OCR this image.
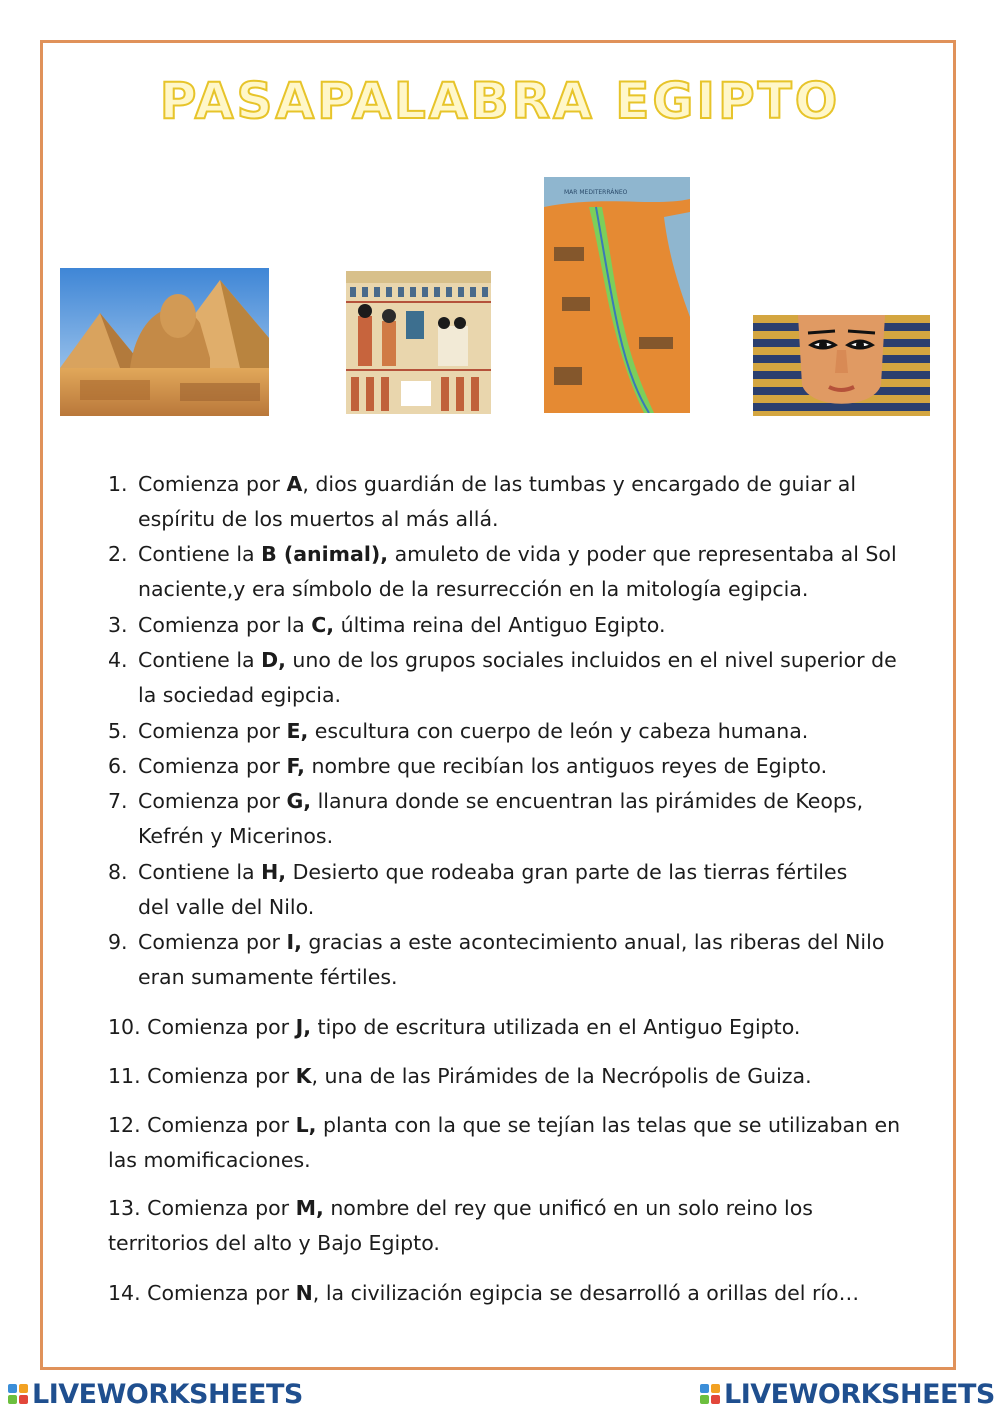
PASAPALABRA EGIPTO
MAR MEDITERRÁNEO
1. Comienza por A, dios guardián de las tumbas y encargado de guiar al
espíritu de los muertos al más allá.
2. Contiene la B (animal), amuleto de vida y poder que representaba al Sol
naciente,y era símbolo de la resurrección en la mitología egipcia.
3. Comienza por la C, última reina del Antiguo Egipto.
4. Contiene la D, uno de los grupos sociales incluidos en el nivel superior de
la sociedad egipcia.
5. Comienza por E, escultura con cuerpo de león y cabeza humana.
6. Comienza por F, nombre que recibían los antiguos reyes de Egipto.
7. Comienza por G, llanura donde se encuentran las pirámides de Keops,
Kefrén y Micerinos.
8. Contiene la H, Desierto que rodeaba gran parte de las tierras fértiles
del valle del Nilo.
9. Comienza por I, gracias a este acontecimiento anual, las riberas del Nilo
eran sumamente fértiles.
10. Comienza por J, tipo de escritura utilizada en el Antiguo Egipto.
11. Comienza por K, una de las Pirámides de la Necrópolis de Guiza.
12. Comienza por L, planta con la que se tejían las telas que se utilizaban en
las momificaciones.
13. Comienza por M, nombre del rey que unificó en un solo reino los
territorios del alto y Bajo Egipto.
14. Comienza por N, la civilización egipcia se desarrolló a orillas del río…
LIVEWORKSHEETS	LIVEWORKSHEETS
